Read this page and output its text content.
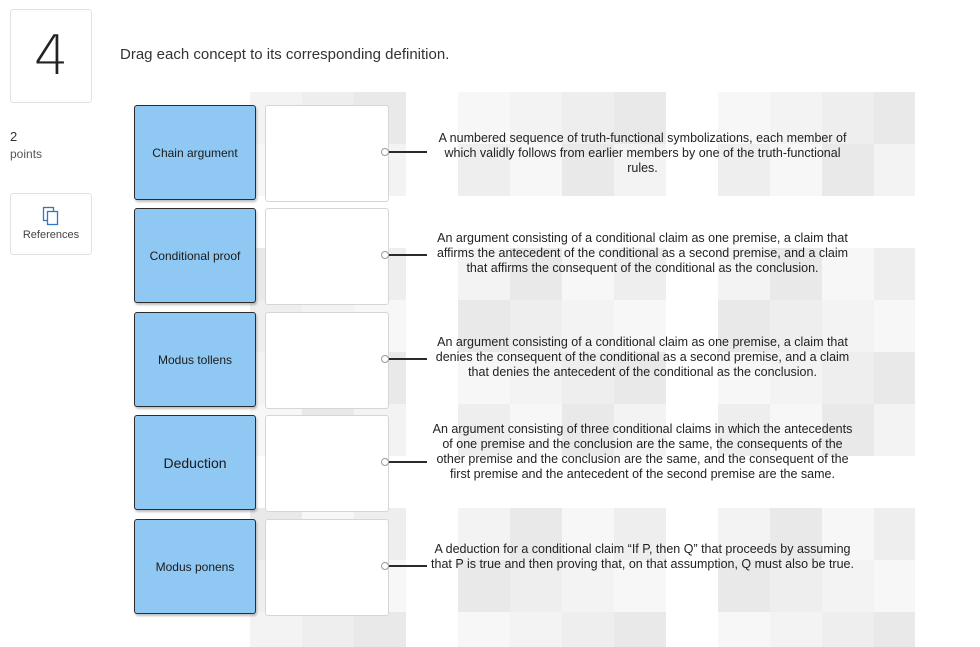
4
2
points
References
Drag each concept to its corresponding definition.
Chain argument
Conditional proof
Modus tollens
Deduction
Modus ponens
A numbered sequence of truth-functional symbolizations, each member of which validly follows from earlier members by one of the truth-functional rules.
An argument consisting of a conditional claim as one premise, a claim that affirms the antecedent of the conditional as a second premise, and a claim that affirms the consequent of the conditional as the conclusion.
An argument consisting of a conditional claim as one premise, a claim that denies the consequent of the conditional as a second premise, and a claim that denies the antecedent of the conditional as the conclusion.
An argument consisting of three conditional claims in which the antecedents of one premise and the conclusion are the same, the consequents of the other premise and the conclusion are the same, and the consequent of the first premise and the antecedent of the second premise are the same.
A deduction for a conditional claim “If P, then Q” that proceeds by assuming that P is true and then proving that, on that assumption, Q must also be true.
